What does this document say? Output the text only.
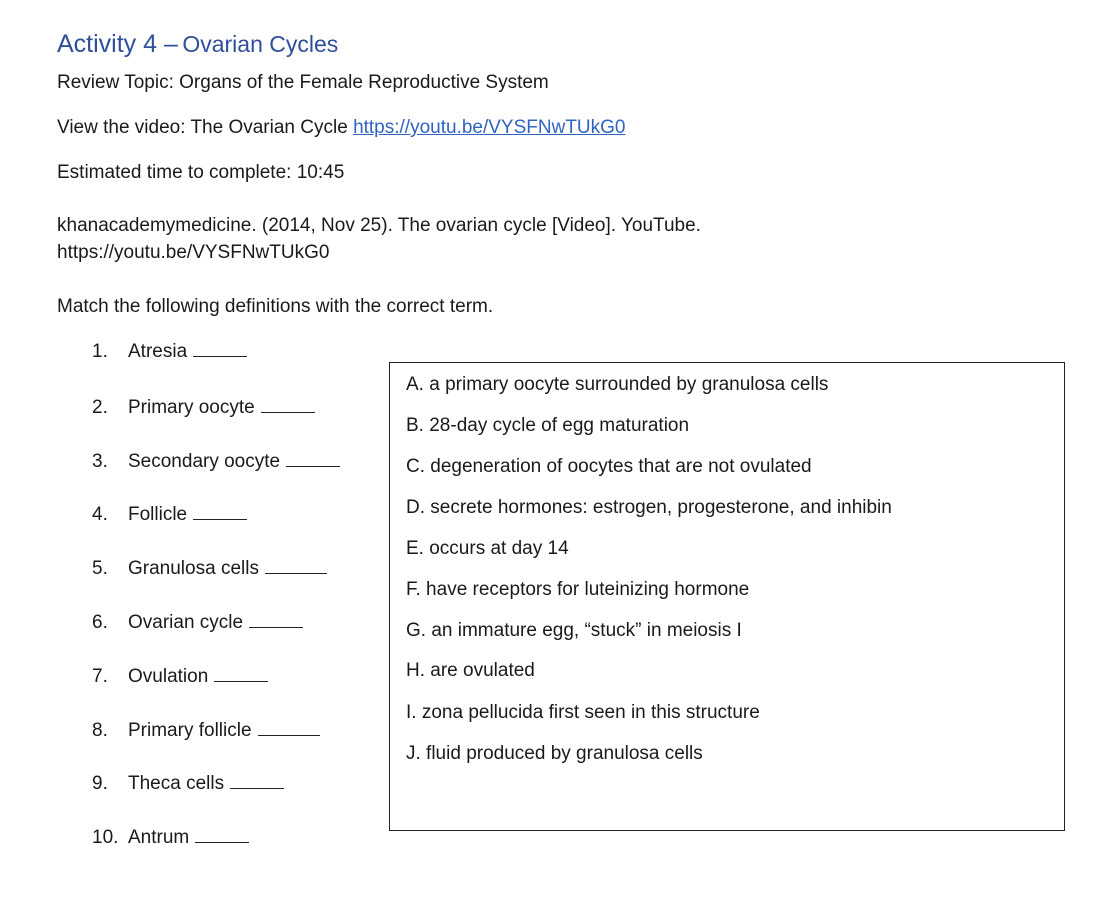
Activity 4 – Ovarian Cycles
Review Topic: Organs of the Female Reproductive System
View the video: The Ovarian Cycle https://youtu.be/VYSFNwTUkG0
Estimated time to complete: 10:45
khanacademymedicine. (2014, Nov 25). The ovarian cycle [Video]. YouTube.
https://youtu.be/VYSFNwTUkG0
Match the following definitions with the correct term.
1. Atresia
2. Primary oocyte
3. Secondary oocyte
4. Follicle
5. Granulosa cells
6. Ovarian cycle
7. Ovulation
8. Primary follicle
9. Theca cells
10. Antrum
A. a primary oocyte surrounded by granulosa cells
B. 28-day cycle of egg maturation
C. degeneration of oocytes that are not ovulated
D. secrete hormones: estrogen, progesterone, and inhibin
E. occurs at day 14
F. have receptors for luteinizing hormone
G. an immature egg, “stuck” in meiosis I
H. are ovulated
I. zona pellucida first seen in this structure
J. fluid produced by granulosa cells
